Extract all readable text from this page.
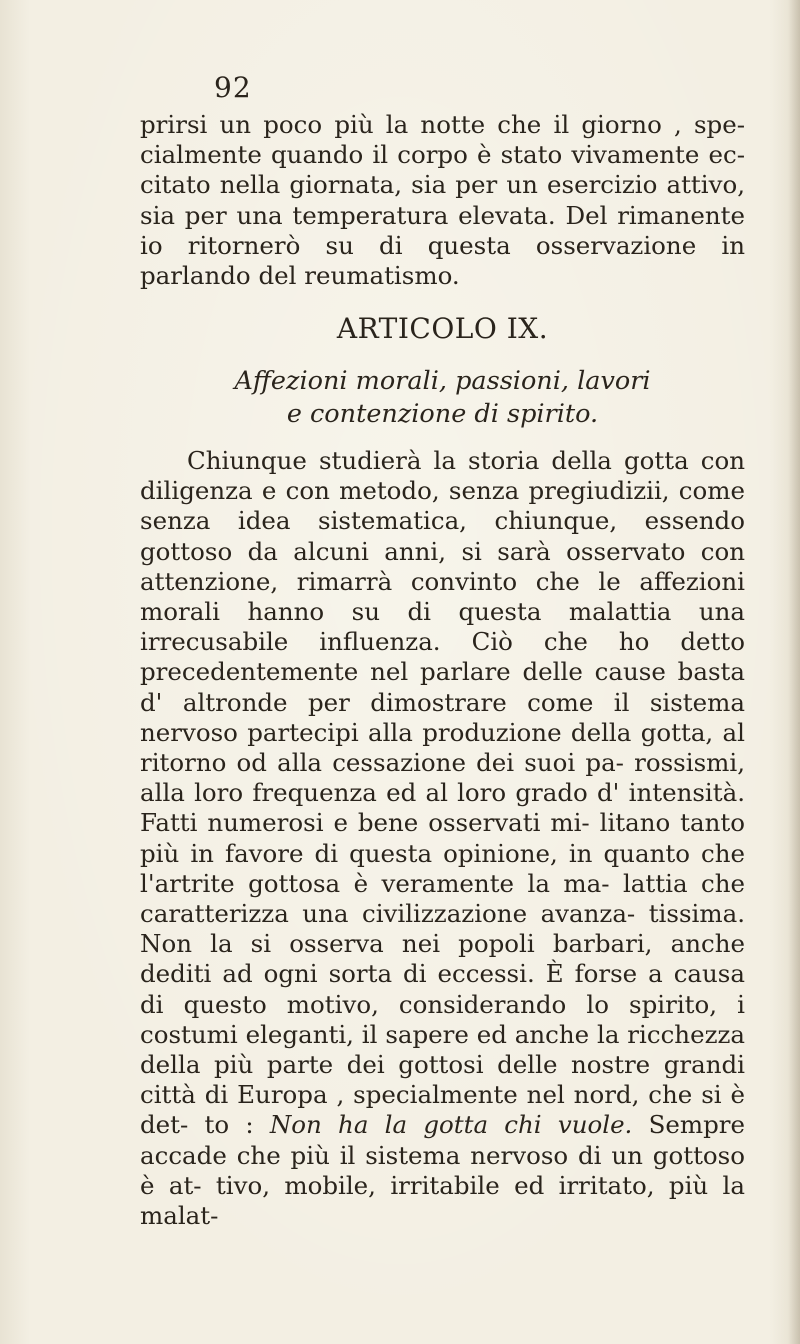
92

prirsi un poco più la notte che il giorno , spe- cialmente quando il corpo è stato vivamente ec- citato nella giornata, sia per un esercizio attivo, sia per una temperatura elevata. Del rimanente io ritornerò su di questa osservazione in parlando del reumatismo.

ARTICOLO IX.
Affezioni morali, passioni, lavori
e contenzione di spirito.

Chiunque studierà la storia della gotta con diligenza e con metodo, senza pregiudizii, come senza idea sistematica, chiunque, essendo gottoso da alcuni anni, si sarà osservato con attenzione, rimarrà convinto che le affezioni morali hanno su di questa malattia una irrecusabile influenza. Ciò che ho detto precedentemente nel parlare delle cause basta d' altronde per dimostrare come il sistema nervoso partecipi alla produzione della gotta, al ritorno od alla cessazione dei suoi pa- rossismi, alla loro frequenza ed al loro grado d' intensità. Fatti numerosi e bene osservati mi- litano tanto più in favore di questa opinione, in quanto che l'artrite gottosa è veramente la ma- lattia che caratterizza una civilizzazione avanza- tissima. Non la si osserva nei popoli barbari, anche dediti ad ogni sorta di eccessi. È forse a causa di questo motivo, considerando lo spirito, i costumi eleganti, il sapere ed anche la ricchezza della più parte dei gottosi delle nostre grandi città di Europa , specialmente nel nord, che si è det- to : Non ha la gotta chi vuole. Sempre accade che più il sistema nervoso di un gottoso è at- tivo, mobile, irritabile ed irritato, più la malat-
